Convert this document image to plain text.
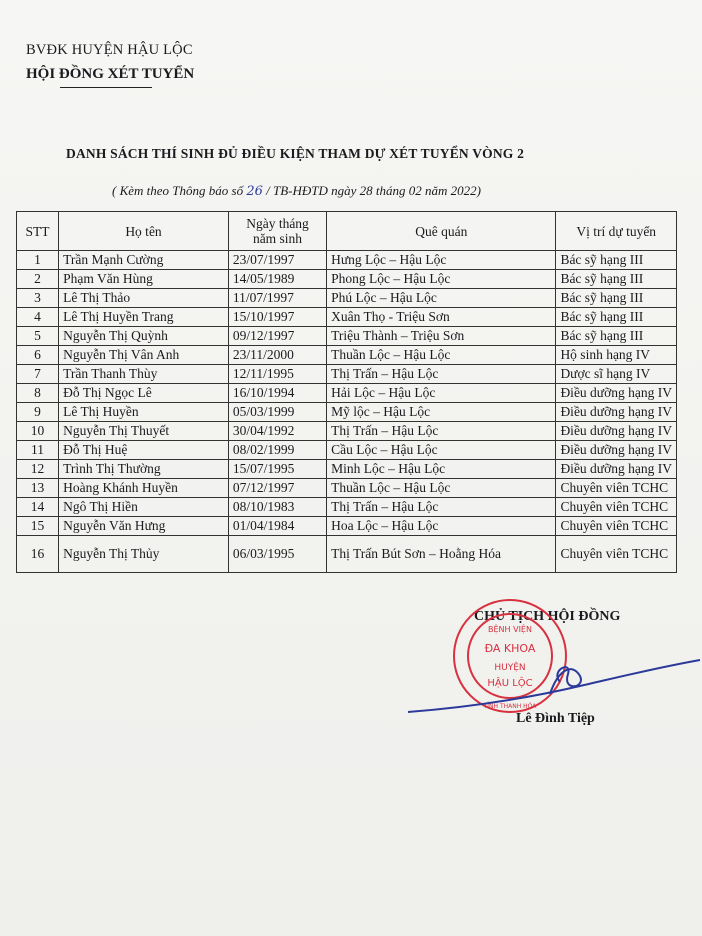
BVĐK HUYỆN HẬU LỘC
HỘI ĐỒNG XÉT TUYỂN
DANH SÁCH THÍ SINH ĐỦ ĐIỀU KIỆN THAM DỰ XÉT TUYỂN VÒNG 2
( Kèm theo Thông báo số 26 / TB-HĐTD ngày 28 tháng 02 năm 2022)
STT	Họ tên	Ngày tháng năm sinh	Quê quán	Vị trí dự tuyển
1	Trần Mạnh Cường	23/07/1997	Hưng Lộc – Hậu Lộc	Bác sỹ hạng III
2	Phạm Văn Hùng	14/05/1989	Phong Lộc – Hậu Lộc	Bác sỹ hạng III
3	Lê Thị Thảo	11/07/1997	Phú Lộc – Hậu Lộc	Bác sỹ hạng III
4	Lê Thị Huyền Trang	15/10/1997	Xuân Thọ - Triệu Sơn	Bác sỹ hạng III
5	Nguyễn Thị Quỳnh	09/12/1997	Triệu Thành – Triệu Sơn	Bác sỹ hạng III
6	Nguyễn Thị Vân Anh	23/11/2000	Thuần Lộc – Hậu Lộc	Hộ sinh hạng IV
7	Trần Thanh Thùy	12/11/1995	Thị Trấn – Hậu Lộc	Dược sĩ hạng IV
8	Đỗ Thị Ngọc Lê	16/10/1994	Hải Lộc – Hậu Lộc	Điều dưỡng hạng IV
9	Lê Thị Huyền	05/03/1999	Mỹ lộc – Hậu Lộc	Điều dưỡng hạng IV
10	Nguyễn Thị Thuyết	30/04/1992	Thị Trấn – Hậu Lộc	Điều dưỡng hạng IV
11	Đỗ Thị Huệ	08/02/1999	Cầu Lộc – Hậu Lộc	Điều dưỡng hạng IV
12	Trình Thị Thường	15/07/1995	Minh Lộc – Hậu Lộc	Điều dưỡng hạng IV
13	Hoàng Khánh Huyền	07/12/1997	Thuần Lộc – Hậu Lộc	Chuyên viên TCHC
14	Ngô Thị Hiền	08/10/1983	Thị Trấn – Hậu Lộc	Chuyên viên TCHC
15	Nguyễn Văn Hưng	01/04/1984	Hoa Lộc – Hậu Lộc	Chuyên viên TCHC
16	Nguyễn Thị Thủy	06/03/1995	Thị Trấn Bút Sơn – Hoằng Hóa	Chuyên viên TCHC
CHỦ TỊCH HỘI ĐỒNG
BỆNH VIỆN
ĐA KHOA
HUYỆN
HẬU LỘC
TỈNH THANH HÓA
Lê Đình Tiệp
